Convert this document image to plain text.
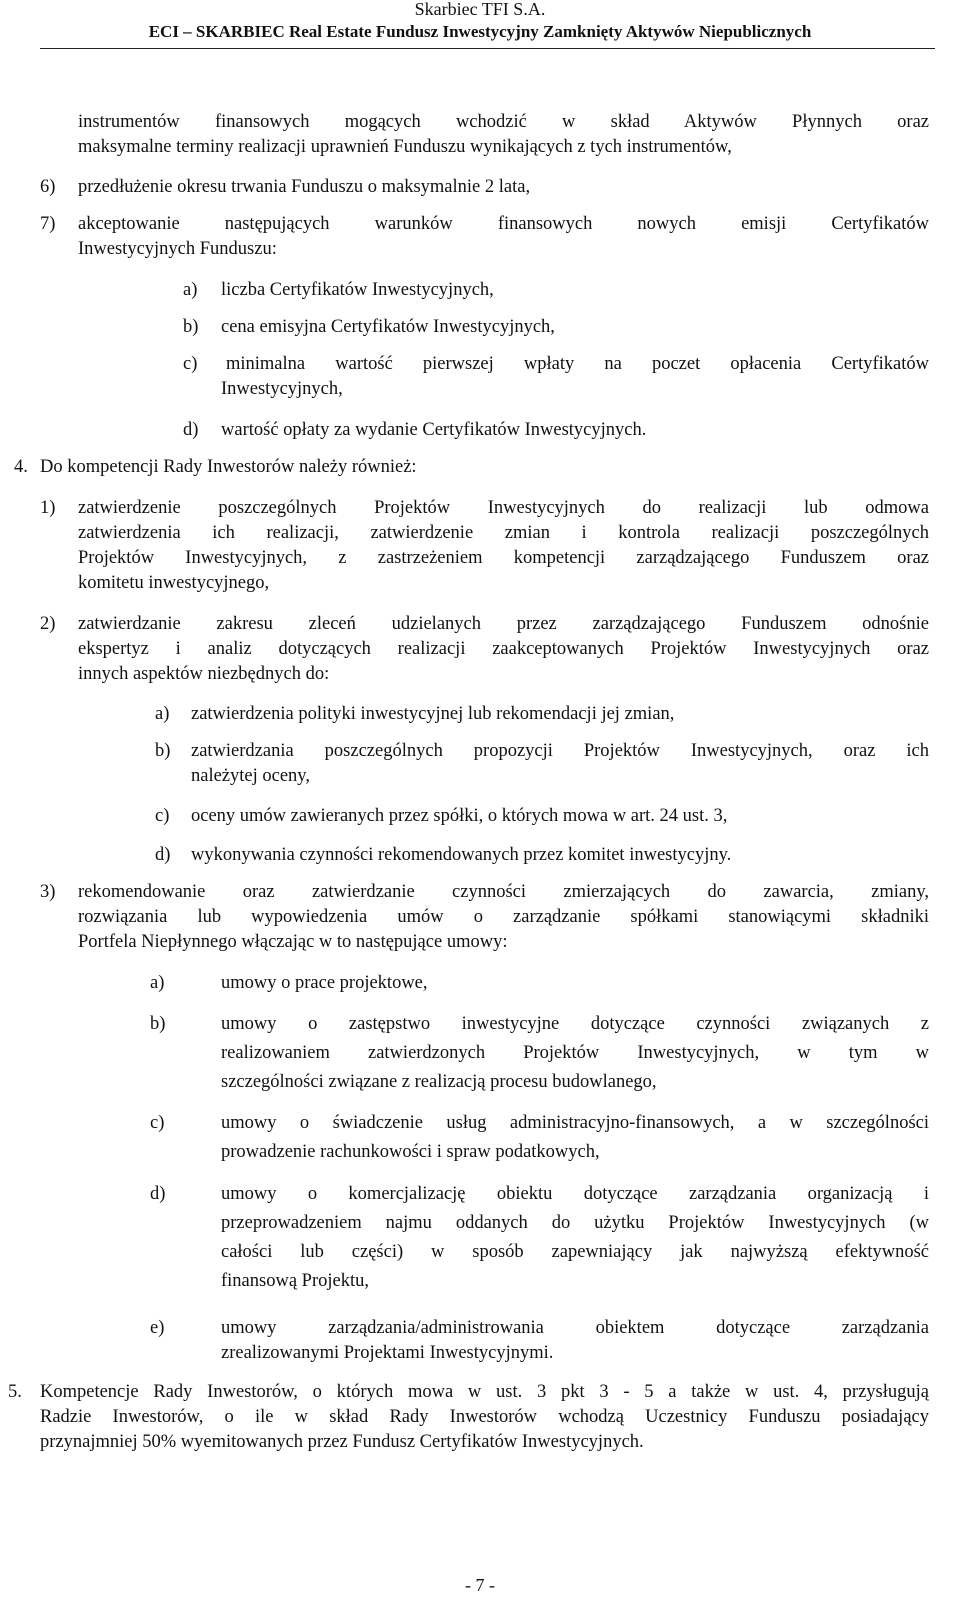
Skarbiec TFI S.A.
ECI – SKARBIEC Real Estate Fundusz Inwestycyjny Zamknięty Aktywów Niepublicznych
instrumentów finansowych mogących wchodzić w skład Aktywów Płynnych oraz
maksymalne terminy realizacji uprawnień Funduszu wynikających z tych instrumentów,
6) przedłużenie okresu trwania Funduszu o maksymalnie 2 lata,
7) akceptowanie następujących warunków finansowych nowych emisji Certyfikatów
Inwestycyjnych Funduszu:
a) liczba Certyfikatów Inwestycyjnych,
b) cena emisyjna Certyfikatów Inwestycyjnych,
c) minimalna wartość pierwszej wpłaty na poczet opłacenia Certyfikatów
Inwestycyjnych,
d) wartość opłaty za wydanie Certyfikatów Inwestycyjnych.
4. Do kompetencji Rady Inwestorów należy również:
1) zatwierdzenie poszczególnych Projektów Inwestycyjnych do realizacji lub odmowa
zatwierdzenia ich realizacji, zatwierdzenie zmian i kontrola realizacji poszczególnych
Projektów Inwestycyjnych, z zastrzeżeniem kompetencji zarządzającego Funduszem oraz
komitetu inwestycyjnego,
2) zatwierdzanie zakresu zleceń udzielanych przez zarządzającego Funduszem odnośnie
ekspertyz i analiz dotyczących realizacji zaakceptowanych Projektów Inwestycyjnych oraz
innych aspektów niezbędnych do:
a) zatwierdzenia polityki inwestycyjnej lub rekomendacji jej zmian,
b) zatwierdzania poszczególnych propozycji Projektów Inwestycyjnych, oraz ich
należytej oceny,
c) oceny umów zawieranych przez spółki, o których mowa w art. 24 ust. 3,
d) wykonywania czynności rekomendowanych przez komitet inwestycyjny.
3) rekomendowanie oraz zatwierdzanie czynności zmierzających do zawarcia, zmiany,
rozwiązania lub wypowiedzenia umów o zarządzanie spółkami stanowiącymi składniki
Portfela Niepłynnego włączając w to następujące umowy:
a)	umowy o prace projektowe,
b)	umowy o zastępstwo inwestycyjne dotyczące czynności związanych z
realizowaniem zatwierdzonych Projektów Inwestycyjnych, w tym w
szczególności związane z realizacją procesu budowlanego,
c)	umowy o świadczenie usług administracyjno-finansowych, a w szczególności
prowadzenie rachunkowości i spraw podatkowych,
d)	umowy o komercjalizację obiektu dotyczące zarządzania organizacją i
przeprowadzeniem najmu oddanych do użytku Projektów Inwestycyjnych (w
całości lub części) w sposób zapewniający jak najwyższą efektywność
finansową Projektu,
e)	umowy zarządzania/administrowania obiektem dotyczące zarządzania
zrealizowanymi Projektami Inwestycyjnymi.
5. Kompetencje Rady Inwestorów, o których mowa w ust. 3 pkt 3 - 5 a także w ust. 4, przysługują
Radzie Inwestorów, o ile w skład Rady Inwestorów wchodzą Uczestnicy Funduszu posiadający
przynajmniej 50% wyemitowanych przez Fundusz Certyfikatów Inwestycyjnych.
- 7 -
